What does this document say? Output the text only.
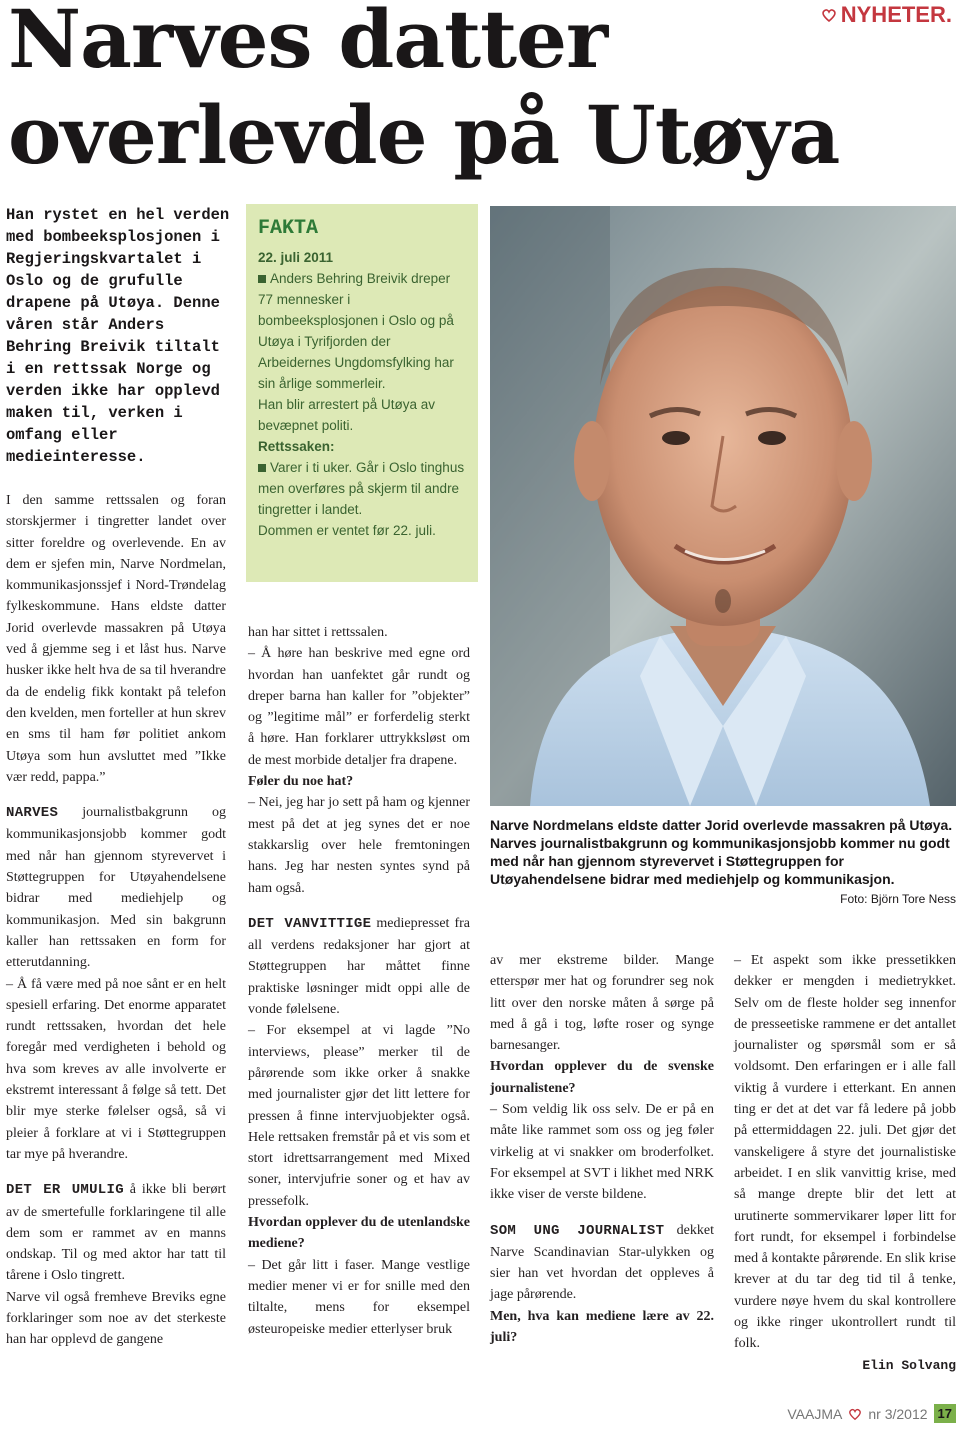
NYHETER.
Narves datter
overlevde på Utøya
Han rystet en hel verden med bombeeksplosjonen i Regjeringskvartalet i Oslo og de grufulle drapene på Utøya. Denne våren står Anders Behring Breivik tiltalt i en rettssak Norge og verden ikke har opplevd maken til, verken i omfang eller medieinteresse.

I den samme rettssalen og foran storskjermer i tingretter landet over sitter foreldre og overlevende. En av dem er sjefen min, Narve Nordmelan, kommunikasjonssjef i Nord-Trøndelag fylkeskommune. Hans eldste datter Jorid overlevde massakren på Utøya ved å gjemme seg i et låst hus. Narve husker ikke helt hva de sa til hverandre da de endelig fikk kontakt på telefon den kvelden, men forteller at hun skrev en sms til ham før politiet ankom Utøya som hun avsluttet med ”Ikke vær redd, pappa.”

NARVES journalistbakgrunn og kommunikasjonsjobb kommer godt med når han gjennom styrevervet i Støttegruppen for Utøyahendelsene bidrar med mediehjelp og kommunikasjon. Med sin bakgrunn kaller han rettssaken en form for etterutdanning.

– Å få være med på noe sånt er en helt spesiell erfaring. Det enorme apparatet rundt rettssaken, hvordan det hele foregår med verdigheten i behold og hva som kreves av alle involverte er ekstremt interessant å følge så tett. Det blir mye sterke følelser også, så vi pleier å forklare at vi i Støttegruppen tar mye på hverandre.

DET ER UMULIG å ikke bli berørt av de smertefulle forklaringene til alle dem som er rammet av en manns ondskap. Til og med aktor har tatt til tårene i Oslo tingrett.

Narve vil også fremheve Breviks egne forklaringer som noe av det sterkeste han har opplevd de gangene

FAKTA

22. juli 2011

Anders Behring Breivik dreper 77 mennesker i bombeeksplosjonen i Oslo og på Utøya i Tyrifjorden der Arbeidernes Ungdomsfylking har sin årlige sommerleir.

Han blir arrestert på Utøya av bevæpnet politi.

Rettssaken:

Varer i ti uker. Går i Oslo tinghus men overføres på skjerm til andre tingretter i landet.

Dommen er ventet før 22. juli.

han har sittet i rettssalen.

– Å høre han beskrive med egne ord hvordan han uanfektet går rundt og dreper barna han kaller for ”objekter” og ”legitime mål” er forferdelig sterkt å høre. Han forklarer uttrykksløst om de mest morbide detaljer fra drapene.

Føler du noe hat?

– Nei, jeg har jo sett på ham og kjenner mest på det at jeg synes det er noe stakkarslig over hele fremtoningen hans. Jeg har nesten syntes synd på ham også.

DET VANVITTIGE mediepresset fra all verdens redaksjoner har gjort at Støttegruppen har måttet finne praktiske løsninger midt oppi alle de vonde følelsene.

– For eksempel at vi lagde ”No interviews, please” merker til de pårørende som ikke orker å snakke med journalister gjør det litt lettere for pressen å finne intervjuobjekter også. Hele rettsaken fremstår på et vis som et stort idrettsarrangement med Mixed soner, intervjufrie soner og et hav av pressefolk.

Hvordan opplever du de utenlandske mediene?

– Det går litt i faser. Mange vestlige medier mener vi er for snille med den tiltalte, mens for eksempel østeuropeiske medier etterlyser bruk

Narve Nordmelans eldste datter Jorid overlevde massakren på Utøya. Narves journalistbakgrunn og kommunikasjonsjobb kommer nu godt med når han gjennom styrevervet i Støttegruppen for Utøyahendelsene bidrar med mediehjelp og kommunikasjon.
Foto: Björn Tore Ness

av mer ekstreme bilder. Mange etterspør mer hat og forundrer seg nok litt over den norske måten å sørge på med å gå i tog, løfte roser og synge barnesanger.

Hvordan opplever du de svenske journalistene?

– Som veldig lik oss selv. De er på en måte like rammet som oss og jeg føler virkelig at vi snakker om broderfolket. For eksempel at SVT i likhet med NRK ikke viser de verste bildene.

SOM UNG JOURNALIST dekket Narve Scandinavian Star-ulykken og sier han vet hvordan det oppleves å jage pårørende.

Men, hva kan mediene lære av 22. juli?

– Et aspekt som ikke pressetikken dekker er mengden i medietrykket. Selv om de fleste holder seg innenfor de presseetiske rammene er det antallet journalister og spørsmål som er så voldsomt. Den erfaringen er i alle fall viktig å vurdere i etterkant. En annen ting er det at det var få ledere på jobb på ettermiddagen 22. juli. Det gjør det vanskeligere å styre det journalistiske arbeidet. I en slik vanvittig krise, med så mange drepte blir det lett at urutinerte sommervikarer løper litt for fort rundt, for eksempel i forbindelse med å kontakte pårørende. En slik krise krever at du tar deg tid til å tenke, vurdere nøye hvem du skal kontrollere og ikke ringer ukontrollert rundt til folk.

Elin Solvang

VAAJMA nr 3/2012 17
